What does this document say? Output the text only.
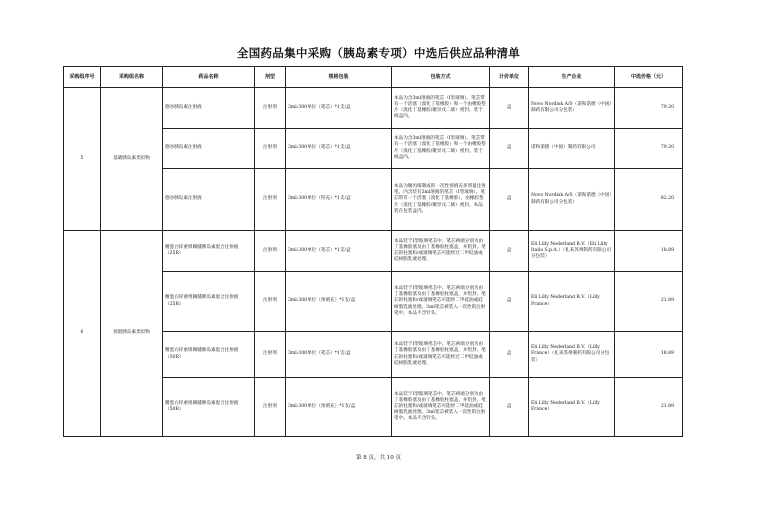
全国药品集中采购（胰岛素专项）中选后供应品种清单
采购组序号	采购组名称	药品名称	剂型	规格包装	包装方式	计价单位	生产企业	中选价格（元）
5	基础胰岛素类似物	德谷胰岛素注射液	注射剂	3ml:300单位（笔芯）*1支/盒	本品为含3ml溶液的笔芯（I型玻璃）。笔芯带有一个活塞（溴化丁基橡胶）和一个由橡胶垫片（溴化丁基橡胶/聚异戊二烯）密封。装于纸盒内。	盒	Novo Nordisk A/S（诺和诺德（中国）制药有限公司分包装）	79.20
		德谷胰岛素注射液	注射剂	3ml:300单位（笔芯）*1支/盒	本品为含3ml溶液的笔芯（I型玻璃）。笔芯带有一个活塞（溴化丁基橡胶）和一个由橡胶垫片（溴化丁基橡胶/聚异戊二烯）密封。装于纸盒内。	盒	诺和诺德（中国）制药有限公司	79.20
		德谷胰岛素注射液	注射剂	3ml:300单位（特充）*1支/盒	本品为聚丙烯制成的一次性预填充多剂量注射笔，内含装有3ml溶液的笔芯（I型玻璃）。笔芯带有一个活塞（溴化丁基橡胶），由橡胶垫片（溴化丁基橡胶/聚异戊二烯）密封。本品装在包装盒内。	盒	Novo Nordisk A/S（诺和诺德（中国）制药有限公司分包装）	82.20
6	预混胰岛素类似物	精蛋白锌重组赖脯胰岛素混合注射液（25R）	注射剂	3ml:300单位（笔芯）*1支/盒	本品装于I型玻璃笔芯中。笔芯两端分别为由丁基橡胶塞及由丁基橡胶柱塞盖，并铝封。笔芯的柱塞和/或玻璃笔芯可能经过二甲硅油或硅树脂乳液处理。	盒	Eli Lilly Nederland B.V.（Eli Lilly Italia S.p.A.）（礼来苏州制药有限公司分包装）	18.89
		精蛋白锌重组赖脯胰岛素混合注射液（25R）	注射剂	3ml:300单位（预填充）*1支/盒	本品装于I型玻璃笔芯中。笔芯两端分别为由丁基橡胶塞及由丁基橡胶柱塞盖，并铝封。笔芯的柱塞和/或玻璃笔芯可能经二甲硅油或硅树脂乳液处理。3ml笔芯被装入一次性的注射笔中。本品不含针头。	盒	Eli Lilly Nederland B.V.（Lilly France）	21.89
		精蛋白锌重组赖脯胰岛素混合注射液（50R）	注射剂	3ml:300单位（笔芯）*1支/盒	本品装于I型玻璃笔芯中。笔芯两端分别为由丁基橡胶塞及由丁基橡胶柱塞盖，并铝封。笔芯的柱塞和/或玻璃笔芯可能经过二甲硅油或硅树脂乳液处理。	盒	Eli Lilly Nederland B.V.（Lilly France）（礼来苏州制药有限公司分包装）	18.89
		精蛋白锌重组赖脯胰岛素混合注射液（50R）	注射剂	3ml:300单位（预填充）*1支/盒	本品装于I型玻璃笔芯中。笔芯两端分别为由丁基橡胶塞及由丁基橡胶柱塞盖，并铝封。笔芯的柱塞和/或玻璃笔芯可能经二甲硅油或硅树脂乳液处理。3ml笔芯被装入一次性的注射笔中。本品不含针头。	盒	Eli Lilly Nederland B.V.（Lilly France）	21.89
第 8 页，共 10 页
